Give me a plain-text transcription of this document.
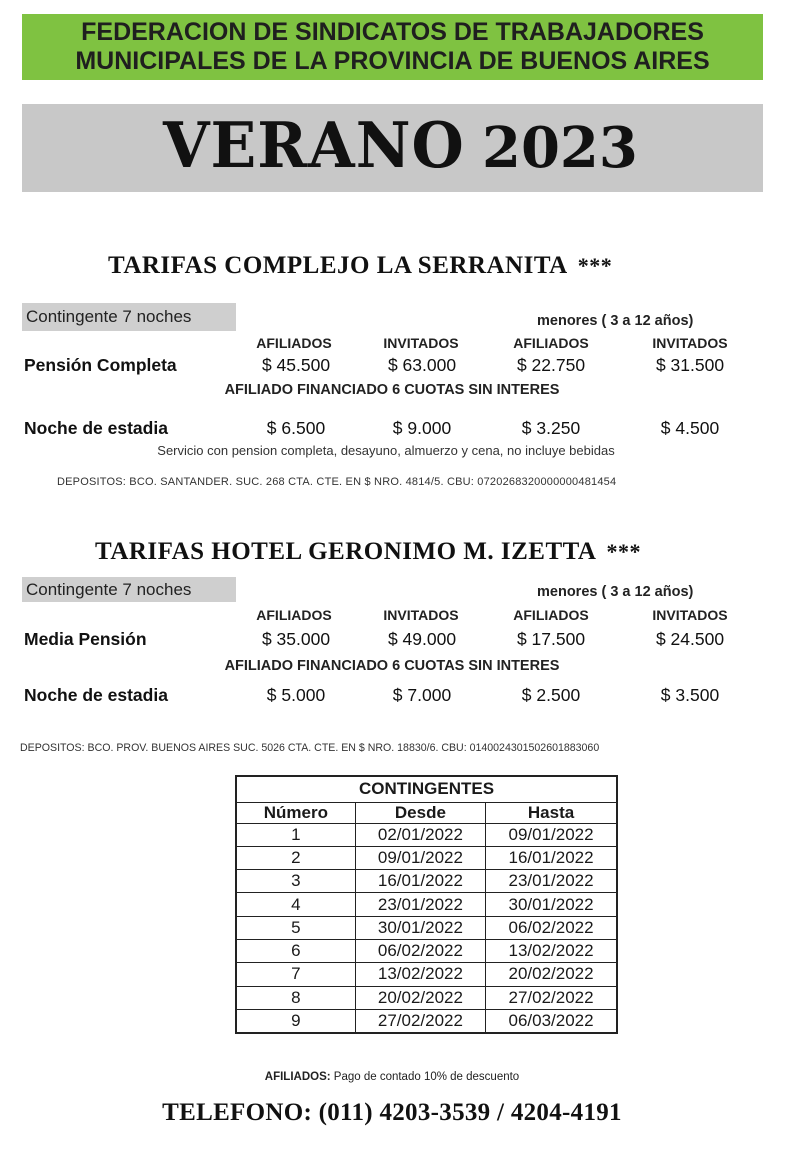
FEDERACION DE SINDICATOS DE TRABAJADORES
MUNICIPALES DE LA PROVINCIA DE BUENOS AIRES
VERANO 2023
TARIFAS COMPLEJO LA SERRANITA ***
Contingente 7 noches	menores ( 3 a 12 años)
AFILIADOS	INVITADOS	AFILIADOS	INVITADOS
Pensión Completa	$ 45.500	$ 63.000	$ 22.750	$ 31.500
AFILIADO FINANCIADO 6 CUOTAS SIN INTERES
Noche de estadia	$ 6.500	$ 9.000	$ 3.250	$ 4.500
Servicio con pension completa, desayuno, almuerzo y cena, no incluye bebidas
DEPOSITOS: BCO. SANTANDER. SUC. 268 CTA. CTE. EN $ NRO. 4814/5. CBU: 0720268320000000481454
TARIFAS HOTEL GERONIMO M. IZETTA ***
Contingente 7 noches	menores ( 3 a 12 años)
AFILIADOS	INVITADOS	AFILIADOS	INVITADOS
Media Pensión	$ 35.000	$ 49.000	$ 17.500	$ 24.500
AFILIADO FINANCIADO 6 CUOTAS SIN INTERES
Noche de estadia	$ 5.000	$ 7.000	$ 2.500	$ 3.500
DEPOSITOS: BCO. PROV. BUENOS AIRES SUC. 5026 CTA. CTE. EN $ NRO. 18830/6. CBU: 0140024301502601883060
CONTINGENTES		
Número	Desde	Hasta
1	02/01/2022	09/01/2022
2	09/01/2022	16/01/2022
3	16/01/2022	23/01/2022
4	23/01/2022	30/01/2022
5	30/01/2022	06/02/2022
6	06/02/2022	13/02/2022
7	13/02/2022	20/02/2022
8	20/02/2022	27/02/2022
9	27/02/2022	06/03/2022
AFILIADOS: Pago de contado 10% de descuento
TELEFONO: (011) 4203-3539 / 4204-4191
